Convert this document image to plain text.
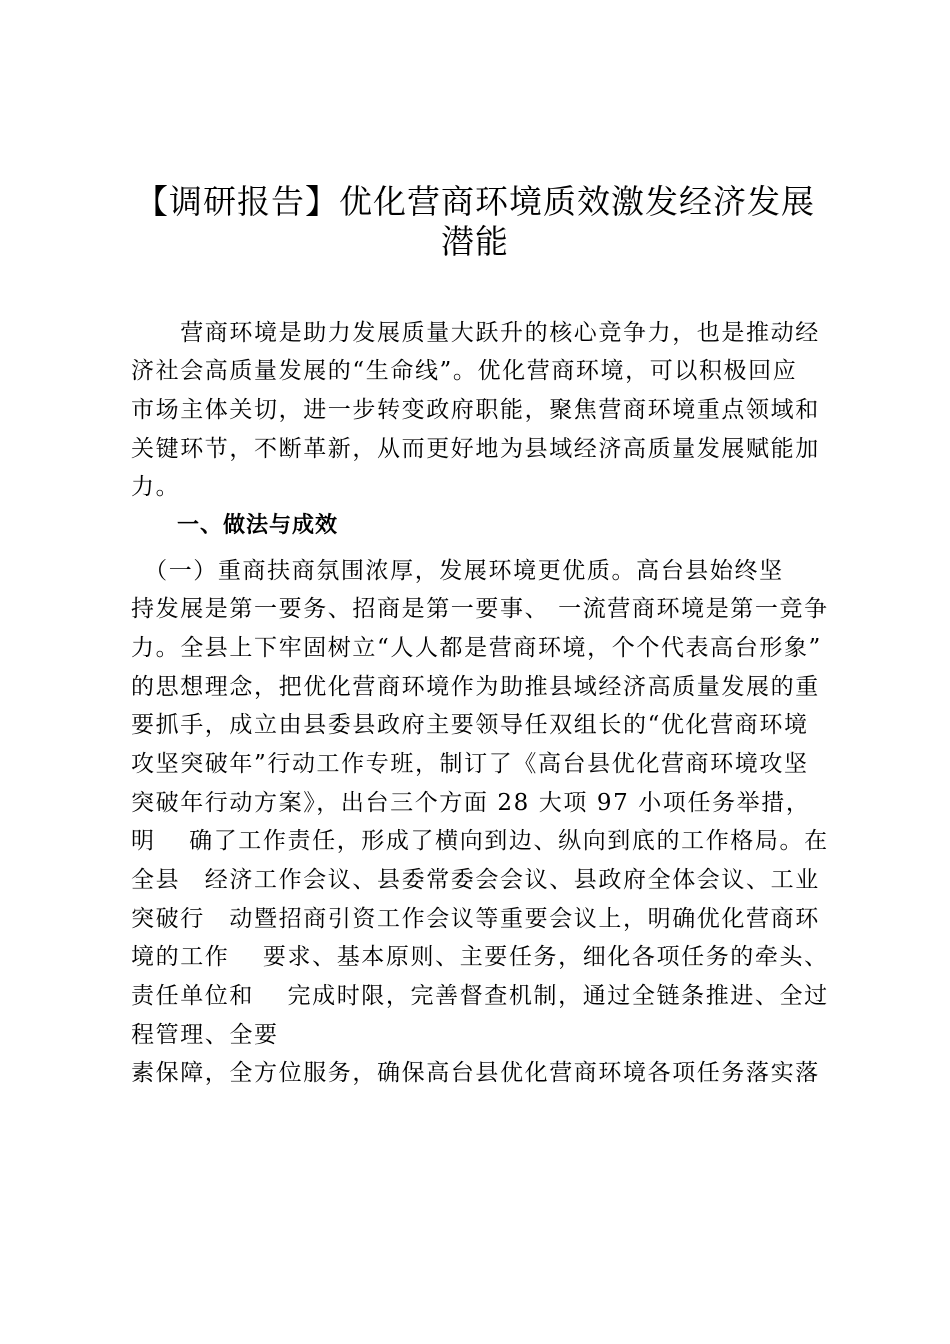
【调研报告】优化营商环境质效激发经济发展
潜能
　　营商环境是助力发展质量大跃升的核心竞争力，也是推动经
济社会高质量发展的“生命线”。优化营商环境，可以积极回应
市场主体关切，进一步转变政府职能，聚焦营商环境重点领域和
关键环节，不断革新，从而更好地为县域经济高质量发展赋能加
力。
一、做法与成效
　（一）重商扶商氛围浓厚，发展环境更优质。高台县始终坚
持发展是第一要务、招商是第一要事、 一流营商环境是第一竞争
力。全县上下牢固树立“人人都是营商环境，个个代表高台形象”
的思想理念，把优化营商环境作为助推县域经济高质量发展的重
要抓手，成立由县委县政府主要领导任双组长的“优化营商环境
攻坚突破年”行动工作专班，制订了《高台县优化营商环境攻坚
突破年行动方案》，出台三个方面 28 大项 97 小项任务举措，
明　 确了工作责任，形成了横向到边、纵向到底的工作格局。在
全县　经济工作会议、县委常委会会议、县政府全体会议、工业
突破行　动暨招商引资工作会议等重要会议上，明确优化营商环
境的工作　 要求、基本原则、主要任务，细化各项任务的牵头、
责任单位和　 完成时限，完善督查机制，通过全链条推进、全过
程管理、全要
素保障，全方位服务，确保高台县优化营商环境各项任务落实落
